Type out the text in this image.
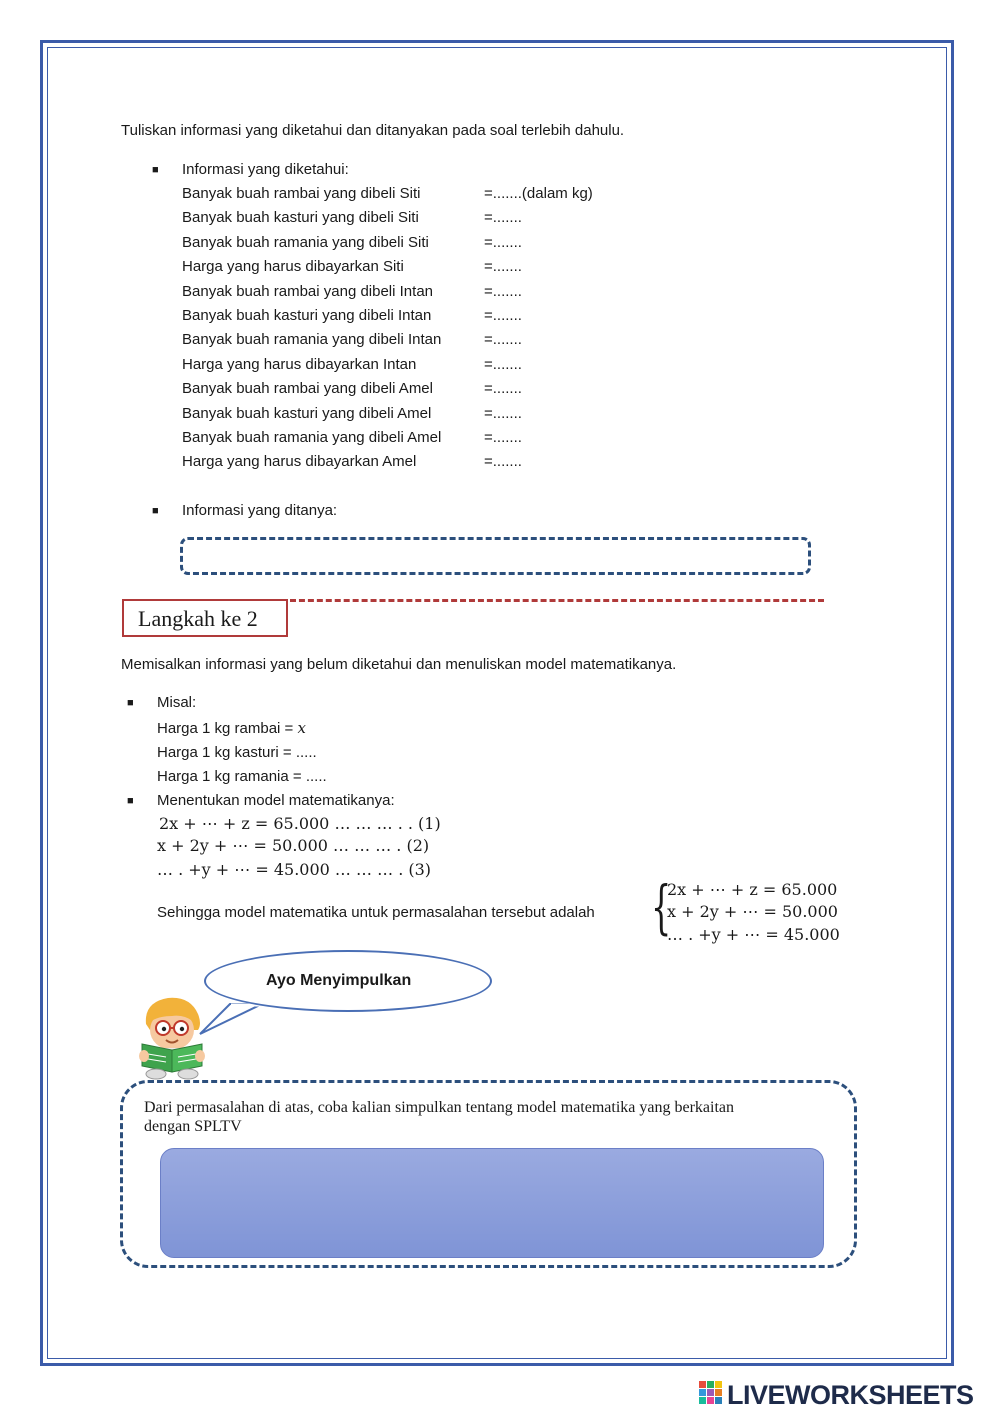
Tuliskan informasi yang diketahui dan ditanyakan pada soal terlebih dahulu.
■ Informasi yang diketahui:
Banyak buah rambai yang dibeli Siti	=.......(dalam kg)
Banyak buah kasturi yang dibeli Siti	=.......
Banyak buah ramania yang dibeli Siti	=.......
Harga yang harus dibayarkan Siti	=.......
Banyak buah rambai yang dibeli Intan	=.......
Banyak buah kasturi yang dibeli Intan	=.......
Banyak buah ramania yang dibeli Intan	=.......
Harga yang harus dibayarkan Intan	=.......
Banyak buah rambai yang dibeli Amel	=.......
Banyak buah kasturi yang dibeli Amel	=.......
Banyak buah ramania yang dibeli Amel	=.......
Harga yang harus dibayarkan Amel	=.......
■ Informasi yang ditanya:
Langkah ke 2
Memisalkan informasi yang belum diketahui dan menuliskan model matematikanya.
■ Misal:
Harga 1 kg rambai = x
Harga 1 kg kasturi = .....
Harga 1 kg ramania = .....
■ Menentukan model matematikanya:
2x + ⋯ + z = 65.000 … … … . . (1)
x + 2y + ⋯ = 50.000 … … … . (2)
… . +y + ⋯ = 45.000 … … … . (3)
Sehingga model matematika untuk permasalahan tersebut adalah {
2x + ⋯ + z = 65.000
x + 2y + ⋯ = 50.000
… . +y + ⋯ = 45.000
Ayo Menyimpulkan
Dari permasalahan di atas, coba kalian simpulkan tentang model matematika yang berkaitan
dengan SPLTV
LIVEWORKSHEETS
